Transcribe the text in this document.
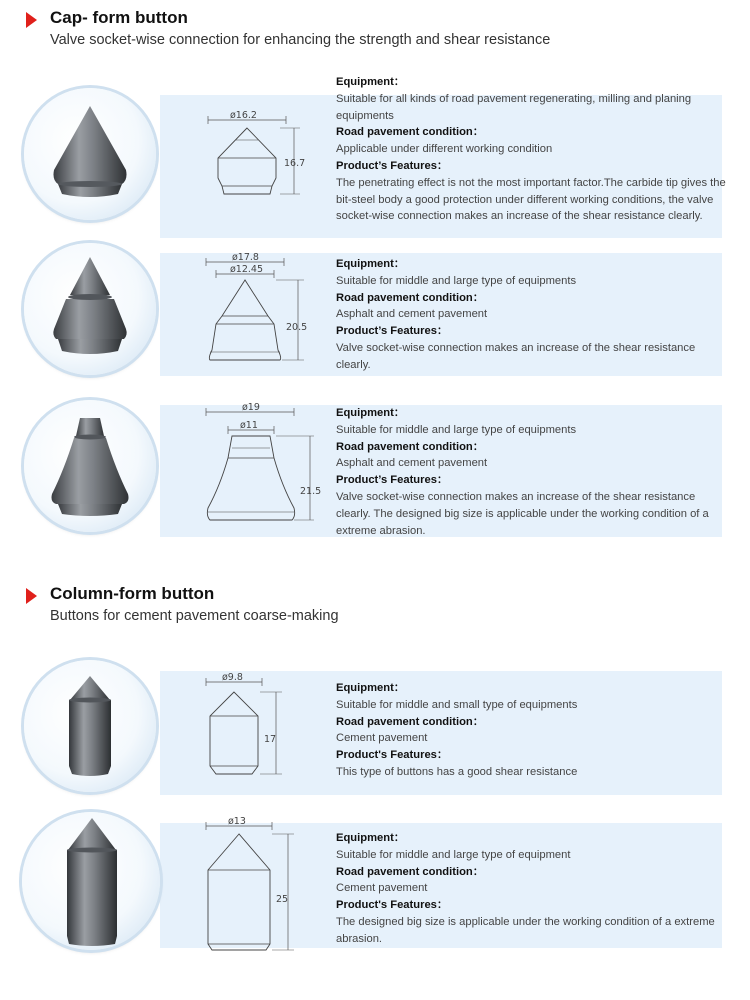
Cap- form button
Valve socket-wise connection for enhancing the strength and shear resistance
ø16.2
16.7
Equipment：
Suitable for all kinds of road pavement regenerating, milling and planing equipments
Road pavement condition：
Applicable under different working condition
Product’s Features：
The penetrating effect is not the most important factor.The carbide tip gives the bit-steel body a good protection under different working conditions, the valve socket-wise connection makes an increase of the shear resistance clearly.
ø17.8
ø12.45
20.5
Equipment：
Suitable for middle and large type of equipments
Road pavement condition：
Asphalt and cement pavement
Product’s Features：
Valve socket-wise connection makes an increase of the shear resistance clearly.
ø19
ø11
21.5
Equipment：
Suitable for middle and large type of equipments
Road pavement condition：
Asphalt and cement pavement
Product’s Features：
Valve socket-wise connection makes an increase of the shear resistance clearly. The designed big size is applicable under the working condition of a extreme abrasion.
Column-form button
Buttons for cement pavement coarse-making
ø9.8
17
Equipment：
Suitable for middle and small type of equipments
Road pavement condition：
Cement pavement
Product's Features：
This type of buttons has a good shear resistance
ø13
25
Equipment：
Suitable for middle and large type of equipment
Road pavement condition：
Cement pavement
Product's Features：
The designed big size is applicable under the working condition of a extreme abrasion.
